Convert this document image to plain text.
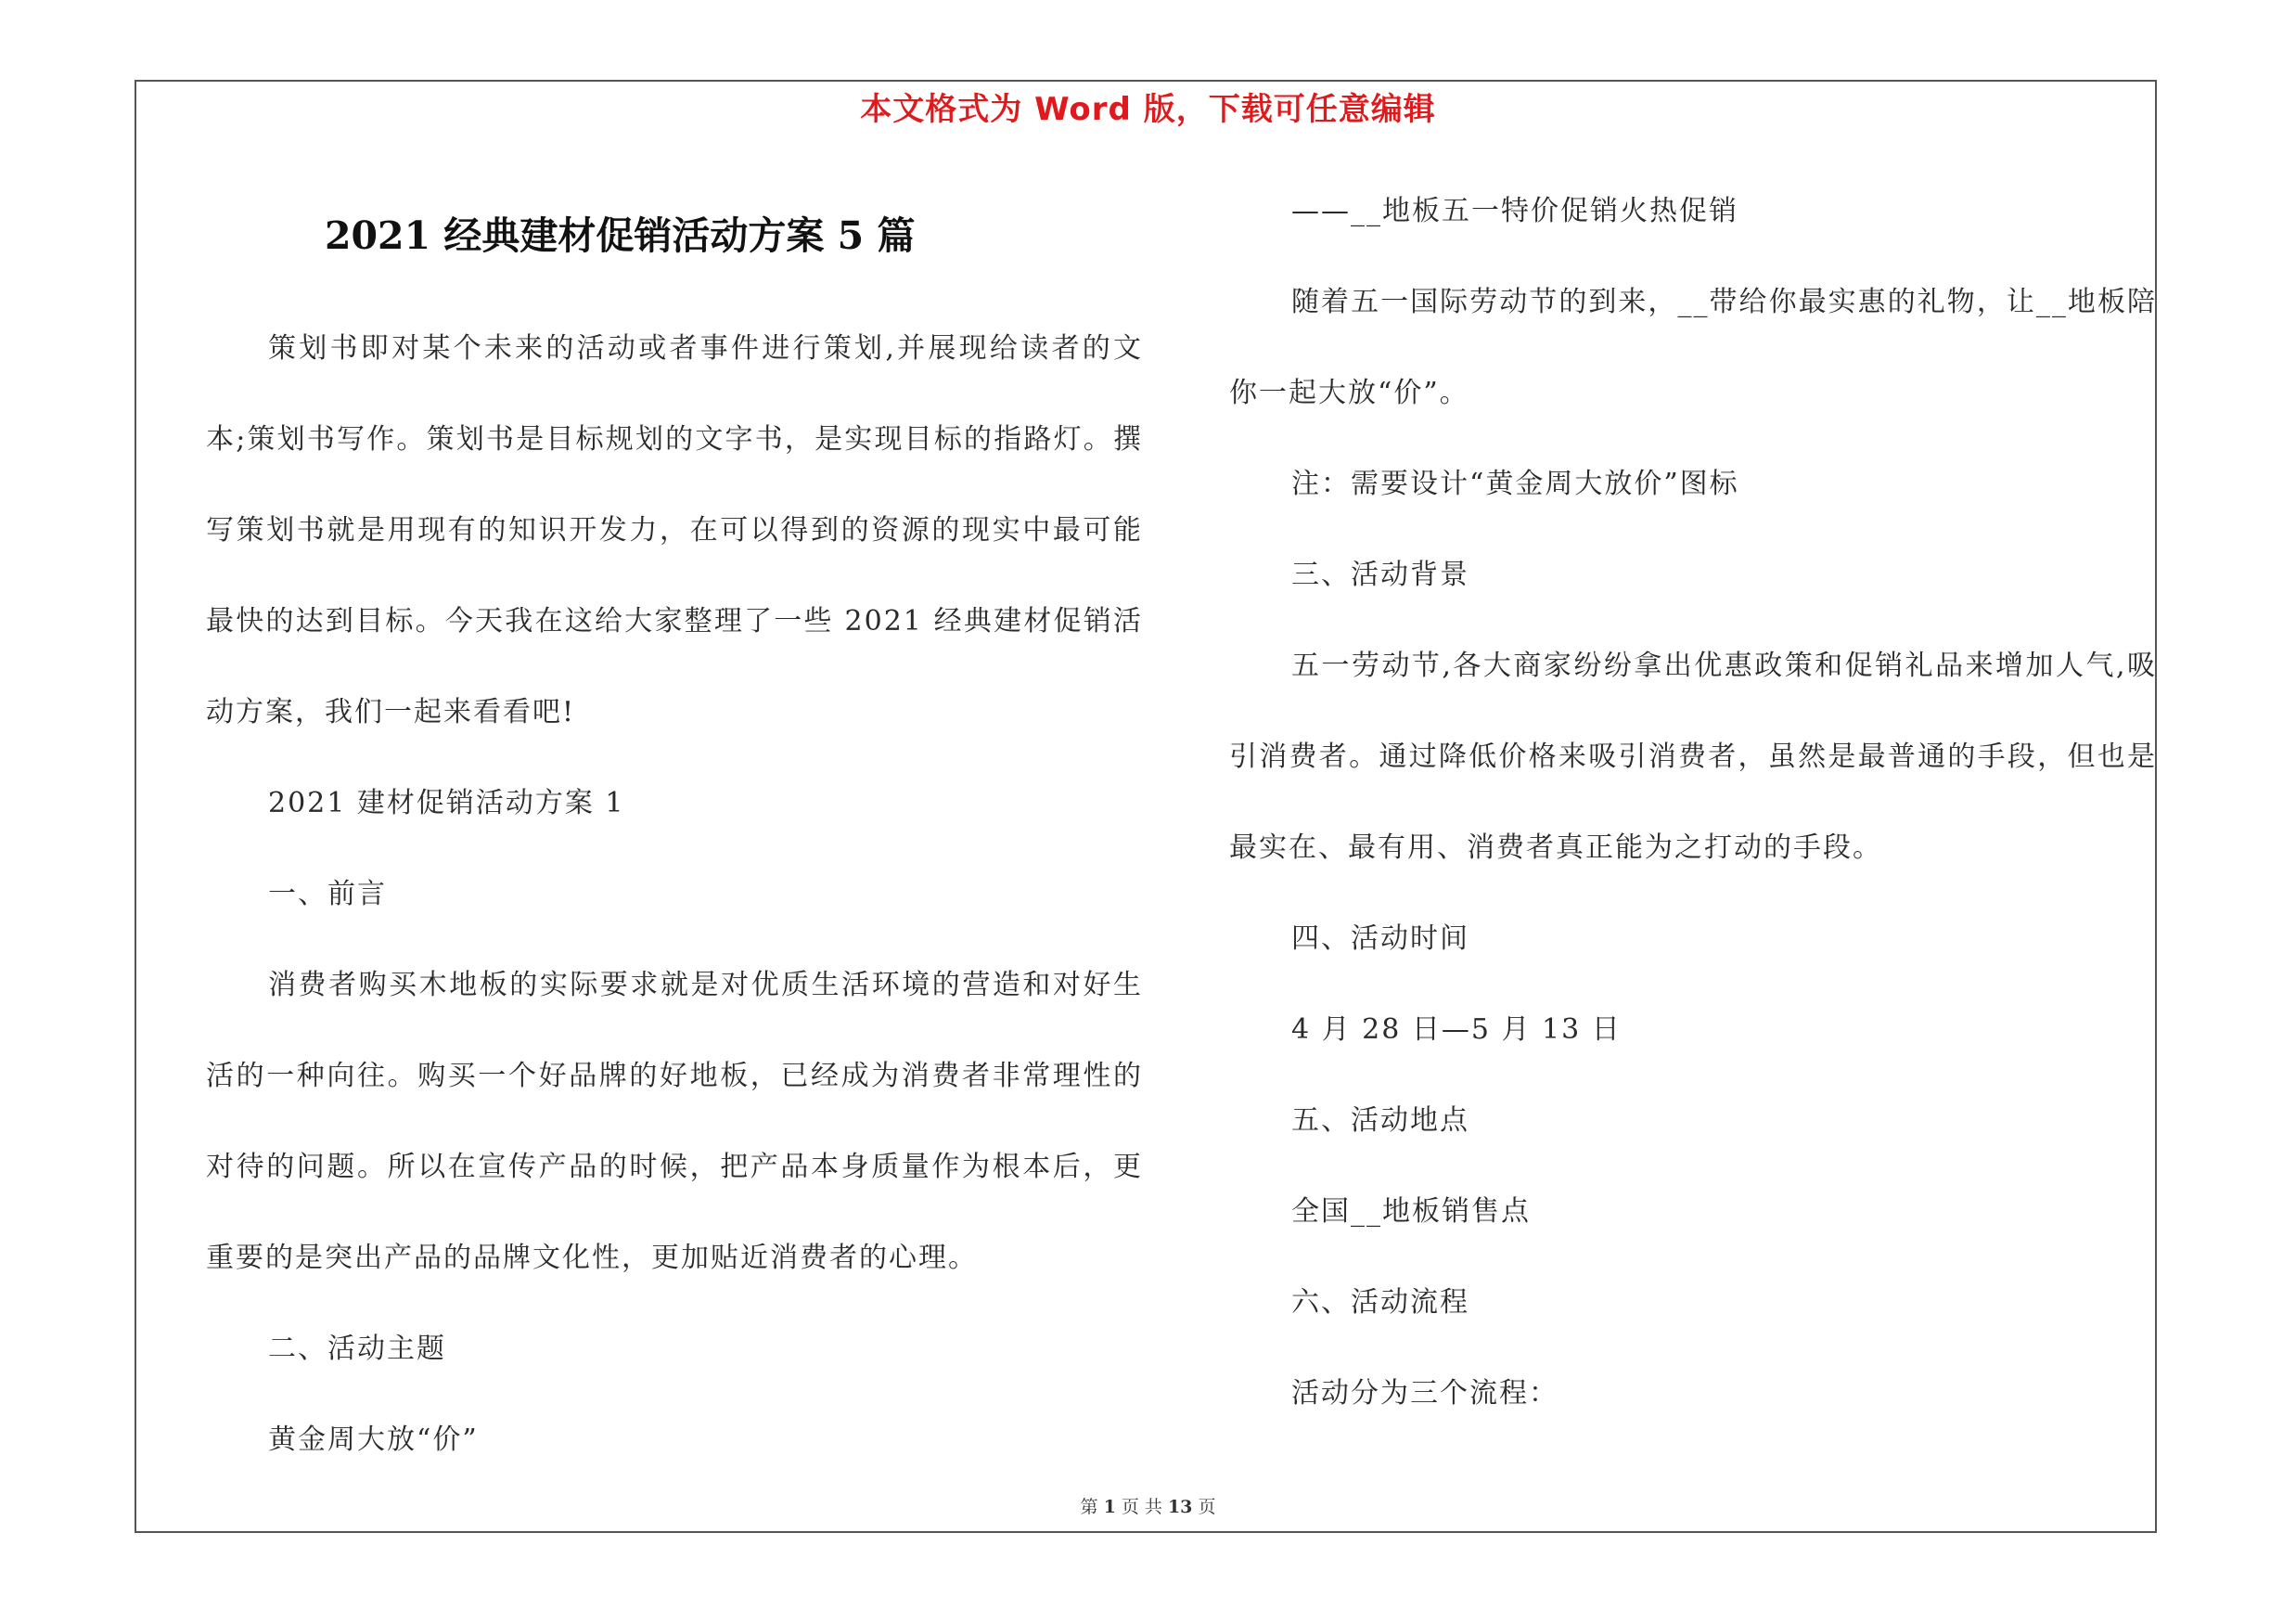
本文格式为 Word 版，下载可任意编辑
2021 经典建材促销活动方案 5 篇

策划书即对某个未来的活动或者事件进行策划,并展现给读者的文本;策划书写作。策划书是目标规划的文字书，是实现目标的指路灯。撰写策划书就是用现有的知识开发力，在可以得到的资源的现实中最可能最快的达到目标。今天我在这给大家整理了一些 2021 经典建材促销活动方案，我们一起来看看吧!

2021 建材促销活动方案 1

一、前言

消费者购买木地板的实际要求就是对优质生活环境的营造和对好生活的一种向往。购买一个好品牌的好地板，已经成为消费者非常理性的对待的问题。所以在宣传产品的时候，把产品本身质量作为根本后，更重要的是突出产品的品牌文化性，更加贴近消费者的心理。

二、活动主题

黄金周大放“价”

——__地板五一特价促销火热促销

随着五一国际劳动节的到来，__带给你最实惠的礼物，让__地板陪你一起大放“价”。

注：需要设计“黄金周大放价”图标

三、活动背景

五一劳动节,各大商家纷纷拿出优惠政策和促销礼品来增加人气,吸引消费者。通过降低价格来吸引消费者，虽然是最普通的手段，但也是最实在、最有用、消费者真正能为之打动的手段。

四、活动时间

4 月 28 日—5 月 13 日

五、活动地点

全国__地板销售点

六、活动流程

活动分为三个流程：

第 1 页 共 13 页
